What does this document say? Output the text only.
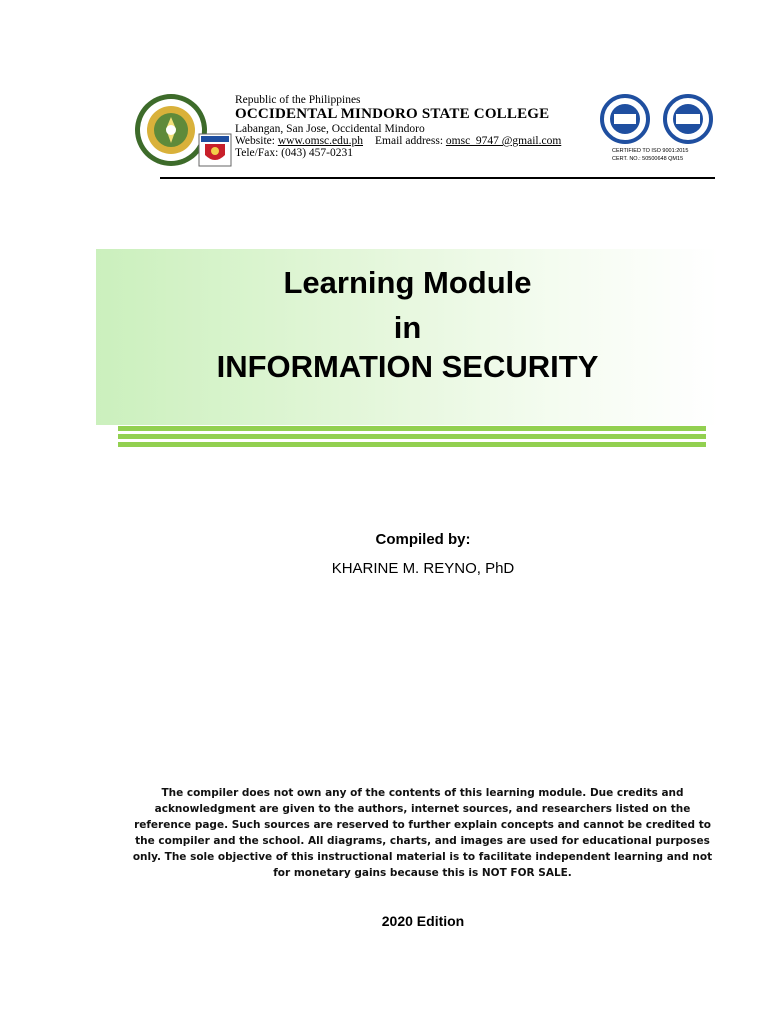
Republic of the Philippines
OCCIDENTAL MINDORO STATE COLLEGE
Labangan, San Jose, Occidental Mindoro
Website: www.omsc.edu.ph Email address: omsc_9747 @gmail.com
Tele/Fax: (043) 457-0231	CERTIFIED TO ISO 9001:2015
CERT. NO.: 50500648 QM15
Learning Module
in
INFORMATION SECURITY
Compiled by:
KHARINE M. REYNO, PhD
The compiler does not own any of the contents of this learning module. Due credits and acknowledgment are given to the authors, internet sources, and researchers listed on the reference page. Such sources are reserved to further explain concepts and cannot be credited to the compiler and the school. All diagrams, charts, and images are used for educational purposes only. The sole objective of this instructional material is to facilitate independent learning and not for monetary gains because this is NOT FOR SALE.
2020 Edition
